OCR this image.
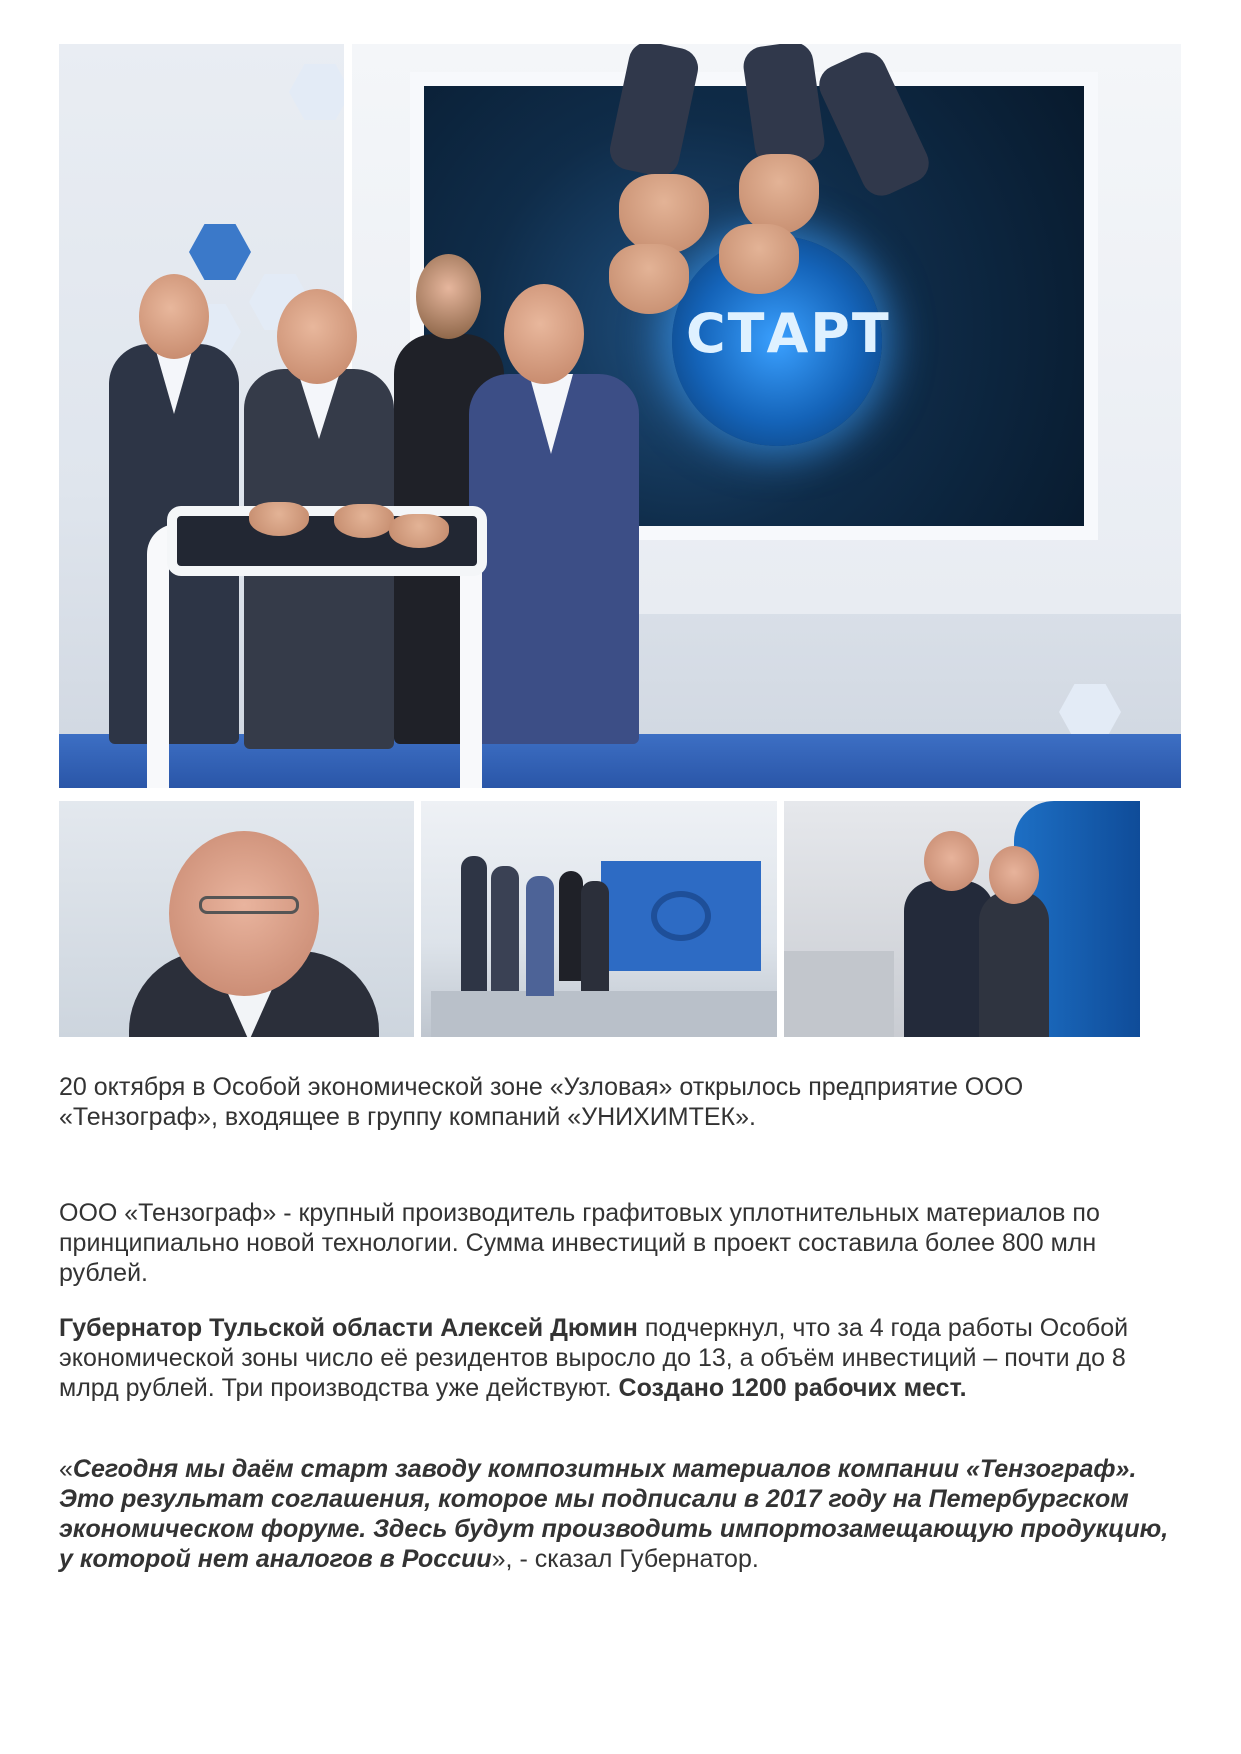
СТАРТ

20 октября в Особой экономической зоне «Узловая» открылось предприятие ООО «Тензограф», входящее в группу компаний «УНИХИМТЕК».

ООО «Тензограф» - крупный производитель графитовых уплотнительных материалов по принципиально новой технологии. Сумма инвестиций в проект составила более 800 млн рублей.

Губернатор Тульской области Алексей Дюмин подчеркнул, что за 4 года работы Особой экономической зоны число её резидентов выросло до 13, а объём инвестиций – почти до 8 млрд рублей. Три производства уже действуют. Создано 1200 рабочих мест.

«Сегодня мы даём старт заводу композитных материалов компании «Тензограф». Это результат соглашения, которое мы подписали в 2017 году на Петербургском экономическом форуме. Здесь будут производить импортозамещающую продукцию, у которой нет аналогов в России», - сказал Губернатор.
